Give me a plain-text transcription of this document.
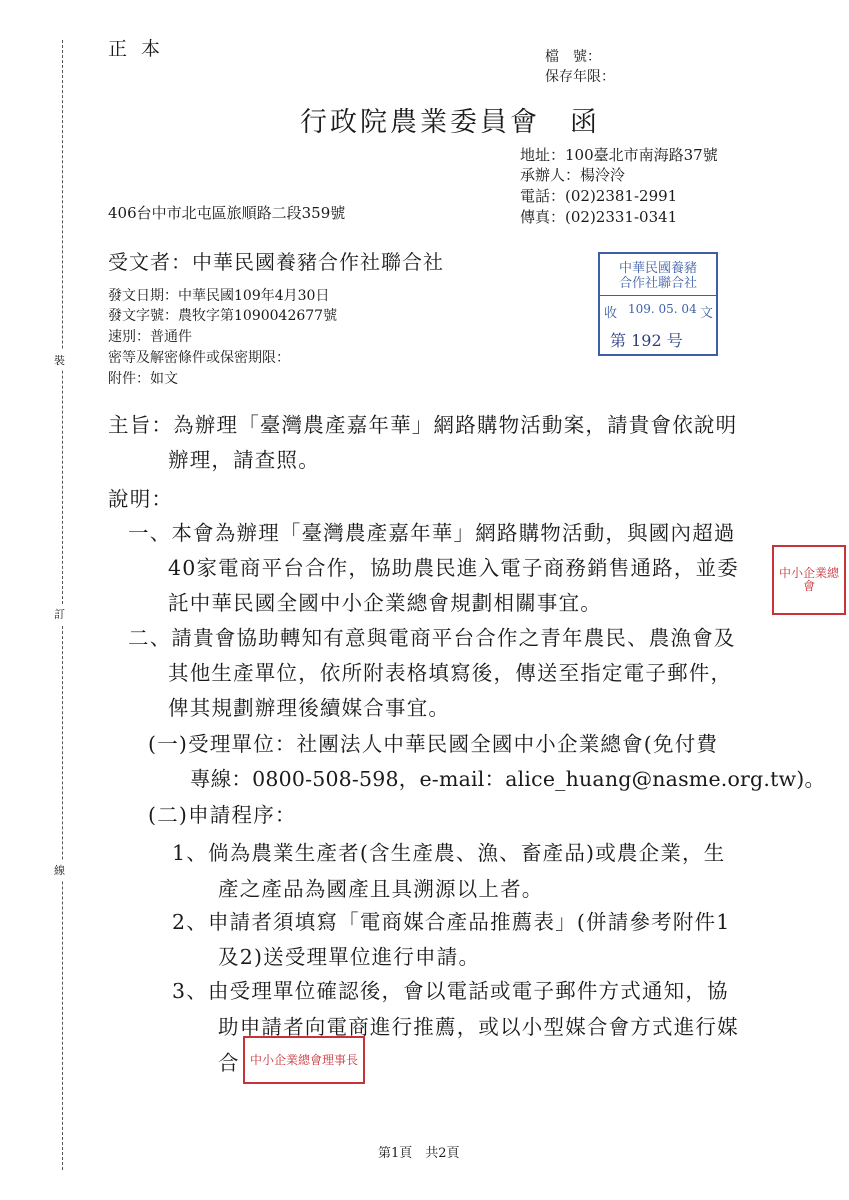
裝
訂
線
正本	檔　號：
保存年限：
行政院農業委員會 函
地址：100臺北市南海路37號
承辦人：楊泠泠
電話：(02)2381-2991
傳真：(02)2331-0341
406台中市北屯區旅順路二段359號
受文者：中華民國養豬合作社聯合社
發文日期：中華民國109年4月30日
發文字號：農牧字第1090042677號
速別：普通件
密等及解密條件或保密期限：
附件：如文
中華民國養豬
合作社聯合社
收 109. 05. 04 文
第 192 号
中小企業總會
主旨：為辦理「臺灣農產嘉年華」網路購物活動案，請貴會依說明
辦理，請查照。
說明：
一、本會為辦理「臺灣農產嘉年華」網路購物活動，與國內超過
40家電商平台合作，協助農民進入電子商務銷售通路，並委
託中華民國全國中小企業總會規劃相關事宜。
二、請貴會協助轉知有意與電商平台合作之青年農民、農漁會及
其他生產單位，依所附表格填寫後，傳送至指定電子郵件，
俾其規劃辦理後續媒合事宜。
(一)受理單位：社團法人中華民國全國中小企業總會(免付費
專線：0800-508-598，e-mail：alice_huang@nasme.org.tw)。
(二)申請程序：
1、倘為農業生產者(含生產農、漁、畜產品)或農企業，生
產之產品為國產且具溯源以上者。
2、申請者須填寫「電商媒合產品推薦表」(併請參考附件1
及2)送受理單位進行申請。
3、由受理單位確認後，會以電話或電子郵件方式通知，協
助申請者向電商進行推薦，或以小型媒合會方式進行媒
合 中小企業總會理事長
第1頁　共2頁
